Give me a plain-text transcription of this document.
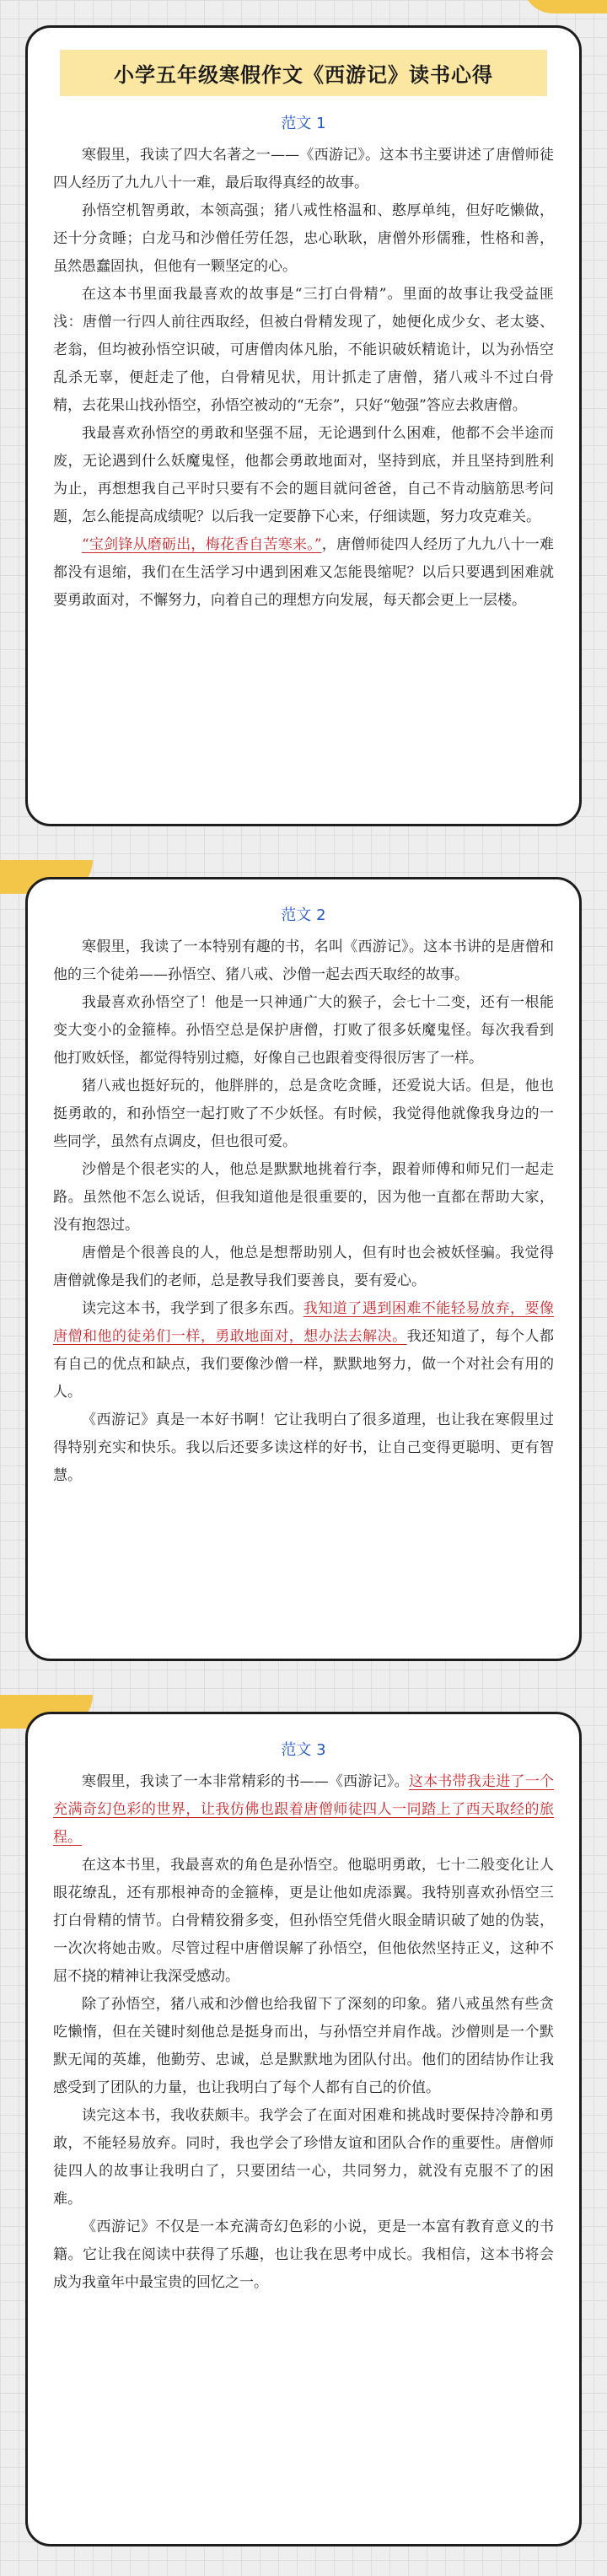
小学五年级寒假作文《西游记》读书心得
范文 1

寒假里，我读了四大名著之一——《西游记》。这本书主要讲述了唐僧师徒四人经历了九九八十一难，最后取得真经的故事。

孙悟空机智勇敢，本领高强；猪八戒性格温和、憨厚单纯，但好吃懒做，还十分贪睡；白龙马和沙僧任劳任怨，忠心耿耿，唐僧外形儒雅，性格和善，虽然愚蠢固执，但他有一颗坚定的心。

在这本书里面我最喜欢的故事是“三打白骨精”。里面的故事让我受益匪浅：唐僧一行四人前往西取经，但被白骨精发现了，她便化成少女、老太婆、老翁，但均被孙悟空识破，可唐僧肉体凡胎，不能识破妖精诡计，以为孙悟空乱杀无辜，便赶走了他，白骨精见状，用计抓走了唐僧，猪八戒斗不过白骨精，去花果山找孙悟空，孙悟空被动的“无奈”，只好“勉强”答应去救唐僧。

我最喜欢孙悟空的勇敢和坚强不屈，无论遇到什么困难，他都不会半途而废，无论遇到什么妖魔鬼怪，他都会勇敢地面对，坚持到底，并且坚持到胜利为止，再想想我自己平时只要有不会的题目就问爸爸，自己不肯动脑筋思考问题，怎么能提高成绩呢？以后我一定要静下心来，仔细读题，努力攻克难关。

“宝剑锋从磨砺出，梅花香自苦寒来。”，唐僧师徒四人经历了九九八十一难都没有退缩，我们在生活学习中遇到困难又怎能畏缩呢？以后只要遇到困难就要勇敢面对，不懈努力，向着自己的理想方向发展，每天都会更上一层楼。

范文 2

寒假里，我读了一本特别有趣的书，名叫《西游记》。这本书讲的是唐僧和他的三个徒弟——孙悟空、猪八戒、沙僧一起去西天取经的故事。

我最喜欢孙悟空了！他是一只神通广大的猴子，会七十二变，还有一根能变大变小的金箍棒。孙悟空总是保护唐僧，打败了很多妖魔鬼怪。每次我看到他打败妖怪，都觉得特别过瘾，好像自己也跟着变得很厉害了一样。

猪八戒也挺好玩的，他胖胖的，总是贪吃贪睡，还爱说大话。但是，他也挺勇敢的，和孙悟空一起打败了不少妖怪。有时候，我觉得他就像我身边的一些同学，虽然有点调皮，但也很可爱。

沙僧是个很老实的人，他总是默默地挑着行李，跟着师傅和师兄们一起走路。虽然他不怎么说话，但我知道他是很重要的，因为他一直都在帮助大家，没有抱怨过。

唐僧是个很善良的人，他总是想帮助别人，但有时也会被妖怪骗。我觉得唐僧就像是我们的老师，总是教导我们要善良，要有爱心。

读完这本书，我学到了很多东西。我知道了遇到困难不能轻易放弃，要像唐僧和他的徒弟们一样，勇敢地面对，想办法去解决。我还知道了，每个人都有自己的优点和缺点，我们要像沙僧一样，默默地努力，做一个对社会有用的人。

《西游记》真是一本好书啊！它让我明白了很多道理，也让我在寒假里过得特别充实和快乐。我以后还要多读这样的好书，让自己变得更聪明、更有智慧。

范文 3

寒假里，我读了一本非常精彩的书——《西游记》。这本书带我走进了一个充满奇幻色彩的世界，让我仿佛也跟着唐僧师徒四人一同踏上了西天取经的旅程。

在这本书里，我最喜欢的角色是孙悟空。他聪明勇敢，七十二般变化让人眼花缭乱，还有那根神奇的金箍棒，更是让他如虎添翼。我特别喜欢孙悟空三打白骨精的情节。白骨精狡猾多变，但孙悟空凭借火眼金睛识破了她的伪装，一次次将她击败。尽管过程中唐僧误解了孙悟空，但他依然坚持正义，这种不屈不挠的精神让我深受感动。

除了孙悟空，猪八戒和沙僧也给我留下了深刻的印象。猪八戒虽然有些贪吃懒惰，但在关键时刻他总是挺身而出，与孙悟空并肩作战。沙僧则是一个默默无闻的英雄，他勤劳、忠诚，总是默默地为团队付出。他们的团结协作让我感受到了团队的力量，也让我明白了每个人都有自己的价值。

读完这本书，我收获颇丰。我学会了在面对困难和挑战时要保持冷静和勇敢，不能轻易放弃。同时，我也学会了珍惜友谊和团队合作的重要性。唐僧师徒四人的故事让我明白了，只要团结一心，共同努力，就没有克服不了的困难。

《西游记》不仅是一本充满奇幻色彩的小说，更是一本富有教育意义的书籍。它让我在阅读中获得了乐趣，也让我在思考中成长。我相信，这本书将会成为我童年中最宝贵的回忆之一。
